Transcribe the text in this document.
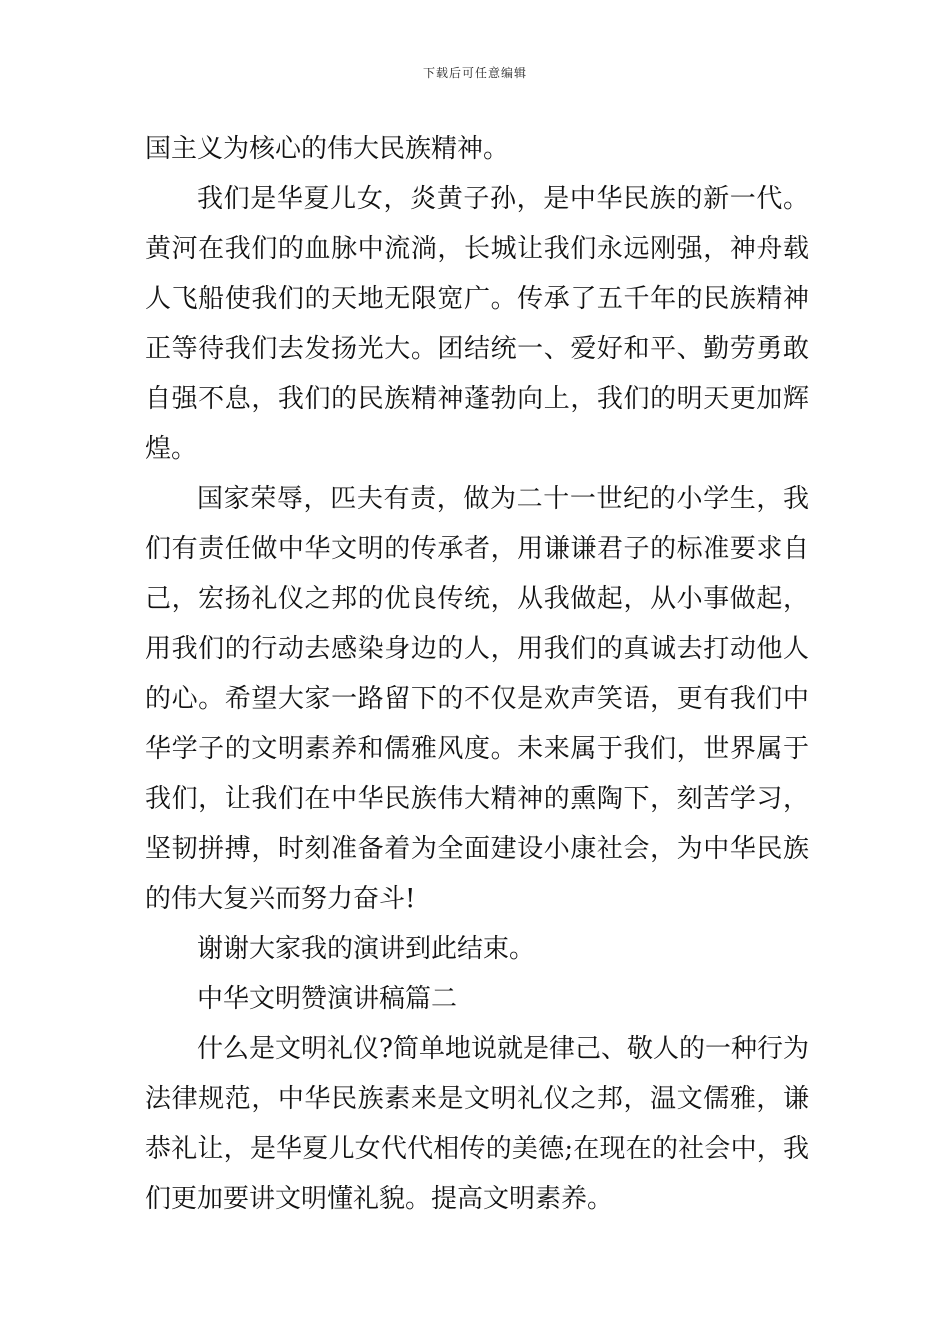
下载后可任意编辑
国主义为核心的伟大民族精神。
我们是华夏儿女，炎黄子孙，是中华民族的新一代。
黄河在我们的血脉中流淌，长城让我们永远刚强，神舟载
人飞船使我们的天地无限宽广。传承了五千年的民族精神
正等待我们去发扬光大。团结统一、爱好和平、勤劳勇敢
自强不息，我们的民族精神蓬勃向上，我们的明天更加辉
煌。
国家荣辱，匹夫有责，做为二十一世纪的小学生，我
们有责任做中华文明的传承者，用谦谦君子的标准要求自
己，宏扬礼仪之邦的优良传统，从我做起，从小事做起，
用我们的行动去感染身边的人，用我们的真诚去打动他人
的心。希望大家一路留下的不仅是欢声笑语，更有我们中
华学子的文明素养和儒雅风度。未来属于我们，世界属于
我们，让我们在中华民族伟大精神的熏陶下，刻苦学习，
坚韧拼搏，时刻准备着为全面建设小康社会，为中华民族
的伟大复兴而努力奋斗!
谢谢大家我的演讲到此结束。
中华文明赞演讲稿篇二
什么是文明礼仪?简单地说就是律己、敬人的一种行为
法律规范，中华民族素来是文明礼仪之邦，温文儒雅，谦
恭礼让，是华夏儿女代代相传的美德;在现在的社会中，我
们更加要讲文明懂礼貌。提高文明素养。
